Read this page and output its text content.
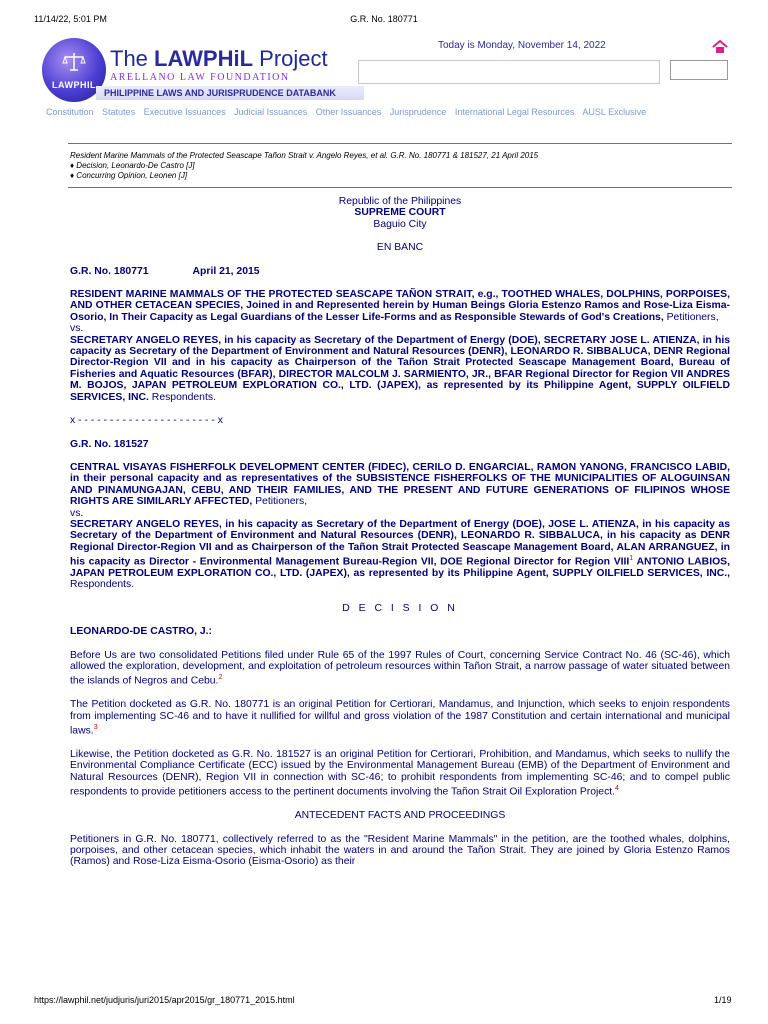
11/14/22, 5:01 PM	G.R. No. 180771
LAWPHIL
The LAWPHiL Project
ARELLANO LAW FOUNDATION
PHILIPPINE LAWS AND JURISPRUDENCE DATABANK
Today is Monday, November 14, 2022
Constitution Statutes Executive Issuances Judicial Issuances Other Issuances Jurisprudence International Legal Resources AUSL Exclusive
Resident Marine Mammals of the Protected Seascape Tañon Strait v. Angelo Reyes, et al. G.R. No. 180771 & 181527, 21 April 2015
♦ Decision, Leonardo-De Castro [J]
♦ Concurring Opinion, Leonen [J]
Republic of the Philippines
SUPREME COURT
Baguio City
EN BANC
G.R. No. 180771	April 21, 2015
RESIDENT MARINE MAMMALS OF THE PROTECTED SEASCAPE TAÑON STRAIT, e.g., TOOTHED WHALES, DOLPHINS, PORPOISES, AND OTHER CETACEAN SPECIES, Joined in and Represented herein by Human Beings Gloria Estenzo Ramos and Rose-Liza Eisma-Osorio, In Their Capacity as Legal Guardians of the Lesser Life-Forms and as Responsible Stewards of God's Creations, Petitioners,
vs.
SECRETARY ANGELO REYES, in his capacity as Secretary of the Department of Energy (DOE), SECRETARY JOSE L. ATIENZA, in his capacity as Secretary of the Department of Environment and Natural Resources (DENR), LEONARDO R. SIBBALUCA, DENR Regional Director-Region VII and in his capacity as Chairperson of the Tañon Strait Protected Seascape Management Board, Bureau of Fisheries and Aquatic Resources (BFAR), DIRECTOR MALCOLM J. SARMIENTO, JR., BFAR Regional Director for Region VII ANDRES M. BOJOS, JAPAN PETROLEUM EXPLORATION CO., LTD. (JAPEX), as represented by its Philippine Agent, SUPPLY OILFIELD SERVICES, INC. Respondents.
x - - - - - - - - - - - - - - - - - - - - - - x
G.R. No. 181527
CENTRAL VISAYAS FISHERFOLK DEVELOPMENT CENTER (FIDEC), CERILO D. ENGARCIAL, RAMON YANONG, FRANCISCO LABID, in their personal capacity and as representatives of the SUBSISTENCE FISHERFOLKS OF THE MUNICIPALITIES OF ALOGUINSAN AND PINAMUNGAJAN, CEBU, AND THEIR FAMILIES, AND THE PRESENT AND FUTURE GENERATIONS OF FILIPINOS WHOSE RIGHTS ARE SIMILARLY AFFECTED, Petitioners,
vs.
SECRETARY ANGELO REYES, in his capacity as Secretary of the Department of Energy (DOE), JOSE L. ATIENZA, in his capacity as Secretary of the Department of Environment and Natural Resources (DENR), LEONARDO R. SIBBALUCA, in his capacity as DENR Regional Director-Region VII and as Chairperson of the Tañon Strait Protected Seascape Management Board, ALAN ARRANGUEZ, in his capacity as Director - Environmental Management Bureau-Region VII, DOE Regional Director for Region VIII$^1$ ANTONIO LABIOS, JAPAN PETROLEUM EXPLORATION CO., LTD. (JAPEX), as represented by its Philippine Agent, SUPPLY OILFIELD SERVICES, INC., Respondents.
D E C I S I O N
LEONARDO-DE CASTRO, J.:
Before Us are two consolidated Petitions filed under Rule 65 of the 1997 Rules of Court, concerning Service Contract No. 46 (SC-46), which allowed the exploration, development, and exploitation of petroleum resources within Tañon Strait, a narrow passage of water situated between the islands of Negros and Cebu.$^2$
The Petition docketed as G.R. No. 180771 is an original Petition for Certiorari, Mandamus, and Injunction, which seeks to enjoin respondents from implementing SC-46 and to have it nullified for willful and gross violation of the 1987 Constitution and certain international and municipal laws.$^3$
Likewise, the Petition docketed as G.R. No. 181527 is an original Petition for Certiorari, Prohibition, and Mandamus, which seeks to nullify the Environmental Compliance Certificate (ECC) issued by the Environmental Management Bureau (EMB) of the Department of Environment and Natural Resources (DENR), Region VII in connection with SC-46; to prohibit respondents from implementing SC-46; and to compel public respondents to provide petitioners access to the pertinent documents involving the Tañon Strait Oil Exploration Project.$^4$
ANTECEDENT FACTS AND PROCEEDINGS
Petitioners in G.R. No. 180771, collectively referred to as the "Resident Marine Mammals" in the petition, are the toothed whales, dolphins, porpoises, and other cetacean species, which inhabit the waters in and around the Tañon Strait. They are joined by Gloria Estenzo Ramos (Ramos) and Rose-Liza Eisma-Osorio (Eisma-Osorio) as their
https://lawphil.net/judjuris/juri2015/apr2015/gr_180771_2015.html	1/19
